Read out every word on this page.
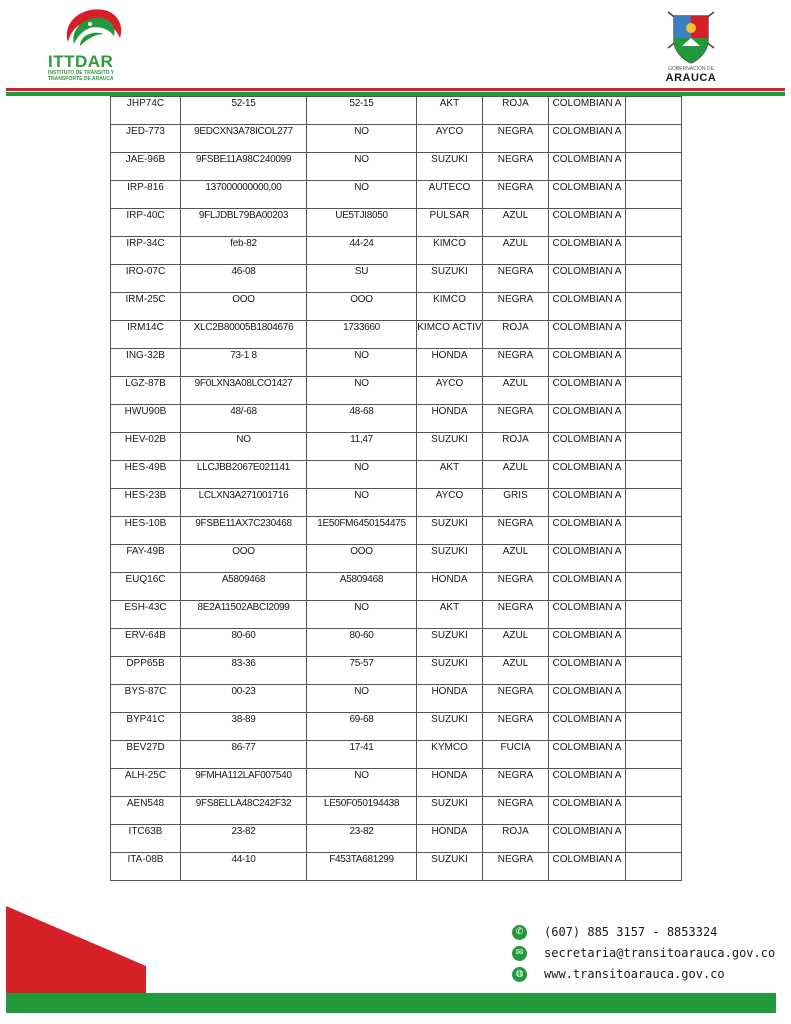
ITTDAR
INSTITUTO DE TRÁNSITO Y
TRANSPORTE DE ARAUCA
GOBERNACIÓN DE
ARAUCA
JHP74C	52-15	52-15	AKT	ROJA	COLOMBIAN A	
JED-773	9EDCXN3A78ICOL277	NO	AYCO	NEGRA	COLOMBIAN A	
JAE-96B	9FSBE11A98C240099	NO	SUZUKI	NEGRA	COLOMBIAN A	
IRP-816	137000000000,00	NO	AUTECO	NEGRA	COLOMBIAN A	
IRP-40C	9FLJDBL79BA00203	UE5TJI8050	PULSAR	AZUL	COLOMBIAN A	
IRP-34C	feb-82	44-24	KIMCO	AZUL	COLOMBIAN A	
IRO-07C	46-08	SU	SUZUKI	NEGRA	COLOMBIAN A	
IRM-25C	OOO	OOO	KIMCO	NEGRA	COLOMBIAN A	
IRM14C	XLC2B80005B1804676	1733660	KIMCO ACTIV	ROJA	COLOMBIAN A	
ING-32B	73-1 8	NO	HONDA	NEGRA	COLOMBIAN A	
LGZ-87B	9F0LXN3A08LCO1427	NO	AYCO	AZUL	COLOMBIAN A	
HWU90B	48/-68	48-68	HONDA	NEGRA	COLOMBIAN A	
HEV-02B	NO	11,47	SUZUKI	ROJA	COLOMBIAN A	
HES-49B	LLCJBB2067E021141	NO	AKT	AZUL	COLOMBIAN A	
HES-23B	LCLXN3A271001716	NO	AYCO	GRIS	COLOMBIAN A	
HES-10B	9FSBE11AX7C230468	1E50FM6450154475	SUZUKI	NEGRA	COLOMBIAN A	
FAY-49B	OOO	OOO	SUZUKI	AZUL	COLOMBIAN A	
EUQ16C	A5809468	A5809468	HONDA	NEGRA	COLOMBIAN A	
ESH-43C	8E2A11502ABCI2099	NO	AKT	NEGRA	COLOMBIAN A	
ERV-64B	80-60	80-60	SUZUKI	AZUL	COLOMBIAN A	
DPP65B	83-36	75-57	SUZUKI	AZUL	COLOMBIAN A	
BYS-87C	00-23	NO	HONDA	NEGRA	COLOMBIAN A	
BYP41C	38-89	69-68	SUZUKI	NEGRA	COLOMBIAN A	
BEV27D	86-77	17-41	KYMCO	FUCIA	COLOMBIAN A	
ALH-25C	9FMHA112LAF007540	NO	HONDA	NEGRA	COLOMBIAN A	
AEN548	9FS8ELLA48C242F32	LE50F050194438	SUZUKI	NEGRA	COLOMBIAN A	
ITC63B	23-82	23-82	HONDA	ROJA	COLOMBIAN A	
ITA-08B	44-10	F453TA681299	SUZUKI	NEGRA	COLOMBIAN A	
✆	(607) 885 3157 - 8853324
✉	secretaria@transitoarauca.gov.co
◍ www.transitoarauca.gov.co
